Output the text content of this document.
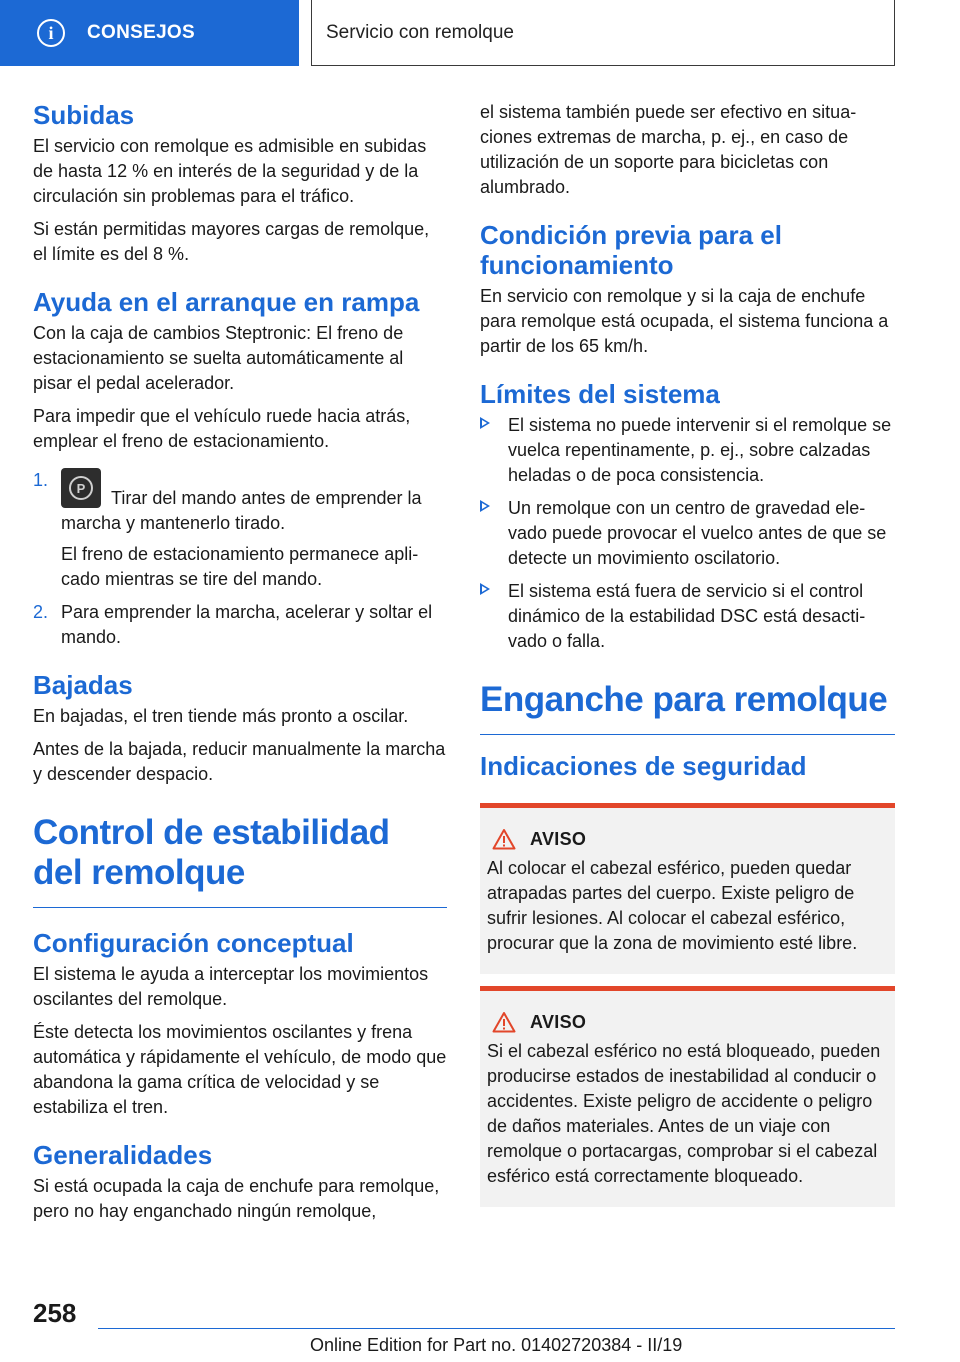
i	CONSEJOS	Servicio con remolque
Subidas

El servicio con remolque es admisible en subidas de hasta 12 % en interés de la seguridad y de la circulación sin problemas para el tráfico.

Si están permitidas mayores cargas de remolque, el límite es del 8 %.

Ayuda en el arranque en rampa

Con la caja de cambios Steptronic: El freno de estacionamiento se suelta automáticamente al pisar el pedal acelerador.

Para impedir que el vehículo ruede hacia atrás, emplear el freno de estacionamiento.

1.	P	Tirar del mando antes de emprender la marcha y mantenerlo tirado.

El freno de estacionamiento permanece aplicado mientras se tire del mando.

2. Para emprender la marcha, acelerar y soltar el mando.

Bajadas

En bajadas, el tren tiende más pronto a oscilar.

Antes de la bajada, reducir manualmente la marcha y descender despacio.

Control de estabilidad del remolque
Configuración conceptual

El sistema le ayuda a interceptar los movimientos oscilantes del remolque.

Éste detecta los movimientos oscilantes y frena automática y rápidamente el vehículo, de modo que abandona la gama crítica de velocidad y se estabiliza el tren.

Generalidades

Si está ocupada la caja de enchufe para remolque, pero no hay enganchado ningún remolque,

el sistema también puede ser efectivo en situaciones extremas de marcha, p. ej., en caso de utilización de un soporte para bicicletas con alumbrado.

Condición previa para el funcionamiento

En servicio con remolque y si la caja de enchufe para remolque está ocupada, el sistema funciona a partir de los 65 km/h.

Límites del sistema
El sistema no puede intervenir si el remolque se vuelca repentinamente, p. ej., sobre calzadas heladas o de poca consistencia.
Un remolque con un centro de gravedad elevado puede provocar el vuelco antes de que se detecte un movimiento oscilatorio.
El sistema está fuera de servicio si el control dinámico de la estabilidad DSC está desactivado o falla.
Enganche para remolque
Indicaciones de seguridad
AVISO

Al colocar el cabezal esférico, pueden quedar atrapadas partes del cuerpo. Existe peligro de sufrir lesiones. Al colocar el cabezal esférico, procurar que la zona de movimiento esté libre.

AVISO

Si el cabezal esférico no está bloqueado, pueden producirse estados de inestabilidad al conducir o accidentes. Existe peligro de accidente o peligro de daños materiales. Antes de un viaje con remolque o portacargas, comprobar si el cabezal esférico está correctamente bloqueado.

258
Online Edition for Part no. 01402720384 - II/19
